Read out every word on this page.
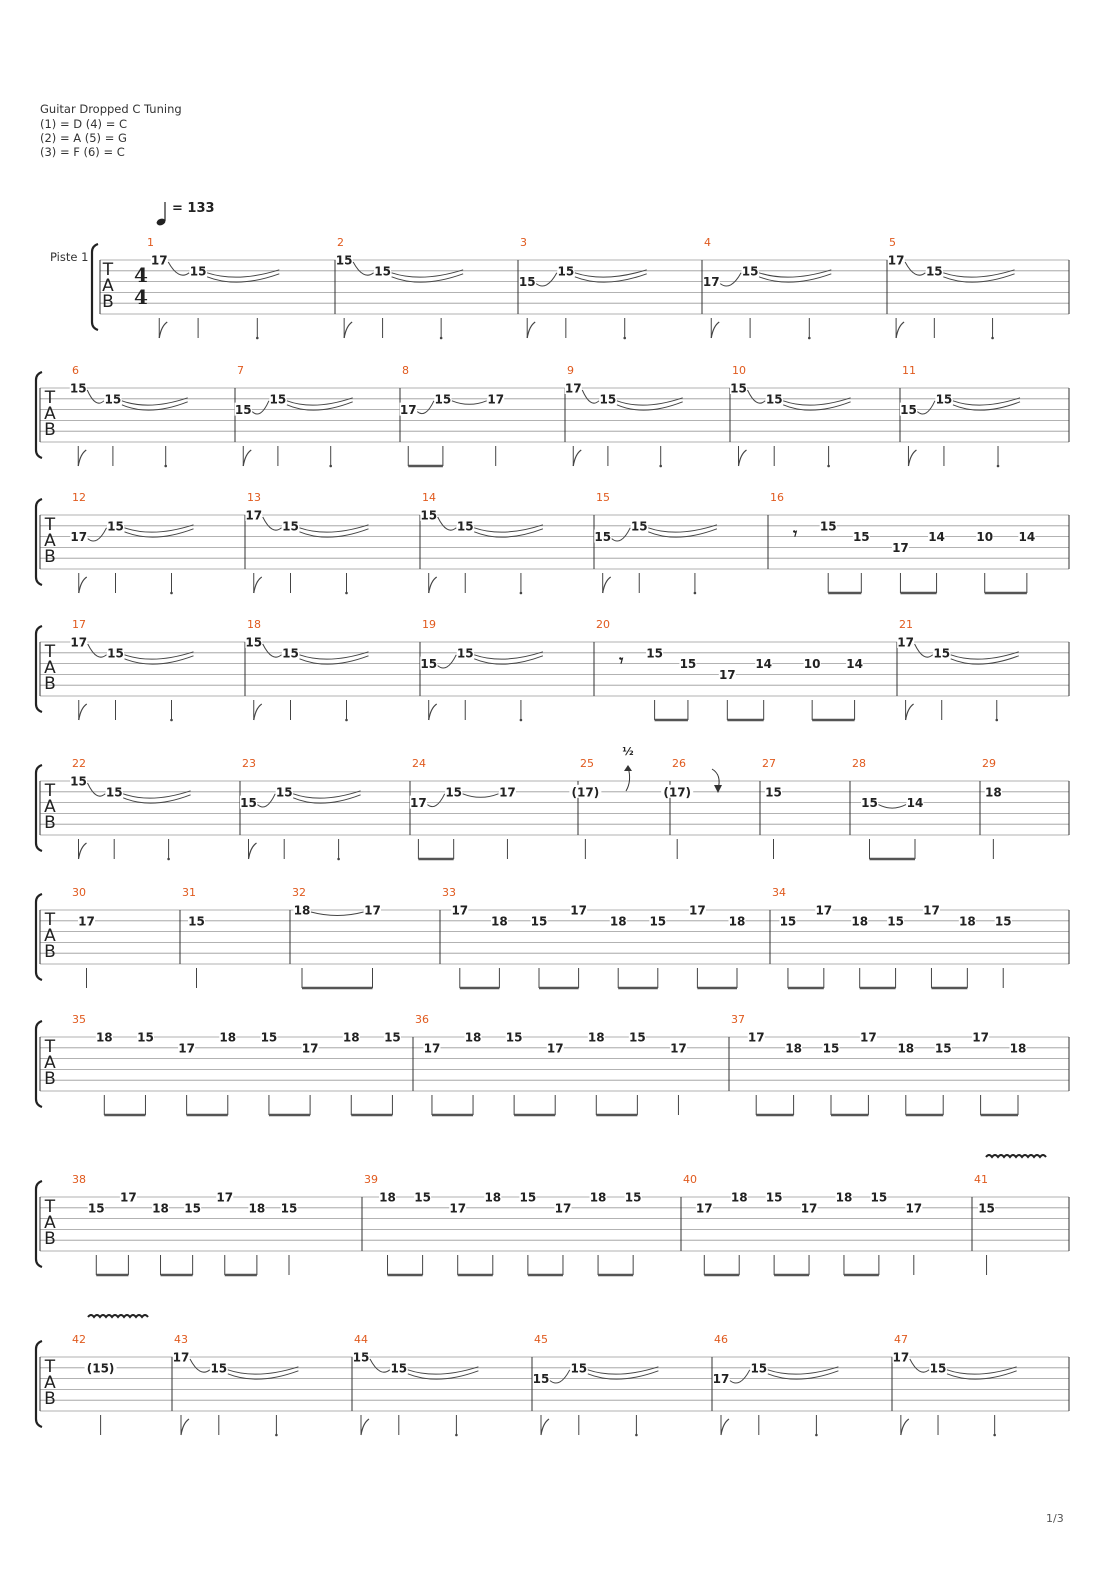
Guitar Dropped C Tuning
(1) = D (4) = C
(2) = A (5) = G
(3) = F (6) = C
= 133
Piste 1
T
A
B
4
4
1
17
15
2
15
15
3
15
15
4
17
15
5
17
15
T
A
B
6
15
15
7
15
15
8
17
15	17
9
17
15
10
15
15
11
15
15
T
A
B
12
17
15
13
17
15
14
15
15
15
15
15
16
𝄾 15
15
17
14	10 14
T
A
B
17
17
15
18
15
15
19
15
15
20
𝄾 15
15
17
14	10 14
21
17
15
T
A
B
22
15
15
23
15
15
24
17
15	17
25
(17)
26
(17)
27
15
28
15 14
29
18
T
A
B
30
17
31
15
32
18	17
33
17
18 15
17
18 15
17
18
34
15
17
18 15
17
18 15
T
A
B
35
18 15
17
18 15
17
18 15
36
17
18 15
17
18 15
17
37
17
18 15
17
18 15
17
18
T
A
B
38
15
17
18 15
17
18 15
39
18 15
17
18 15
17
18 15
40
17
18 15
17
18 15
17
41
15
T
A
B
42
(15)
43
17
15
44
15
15
45
15
15
46
17
15
47
17
15
½
1/3
